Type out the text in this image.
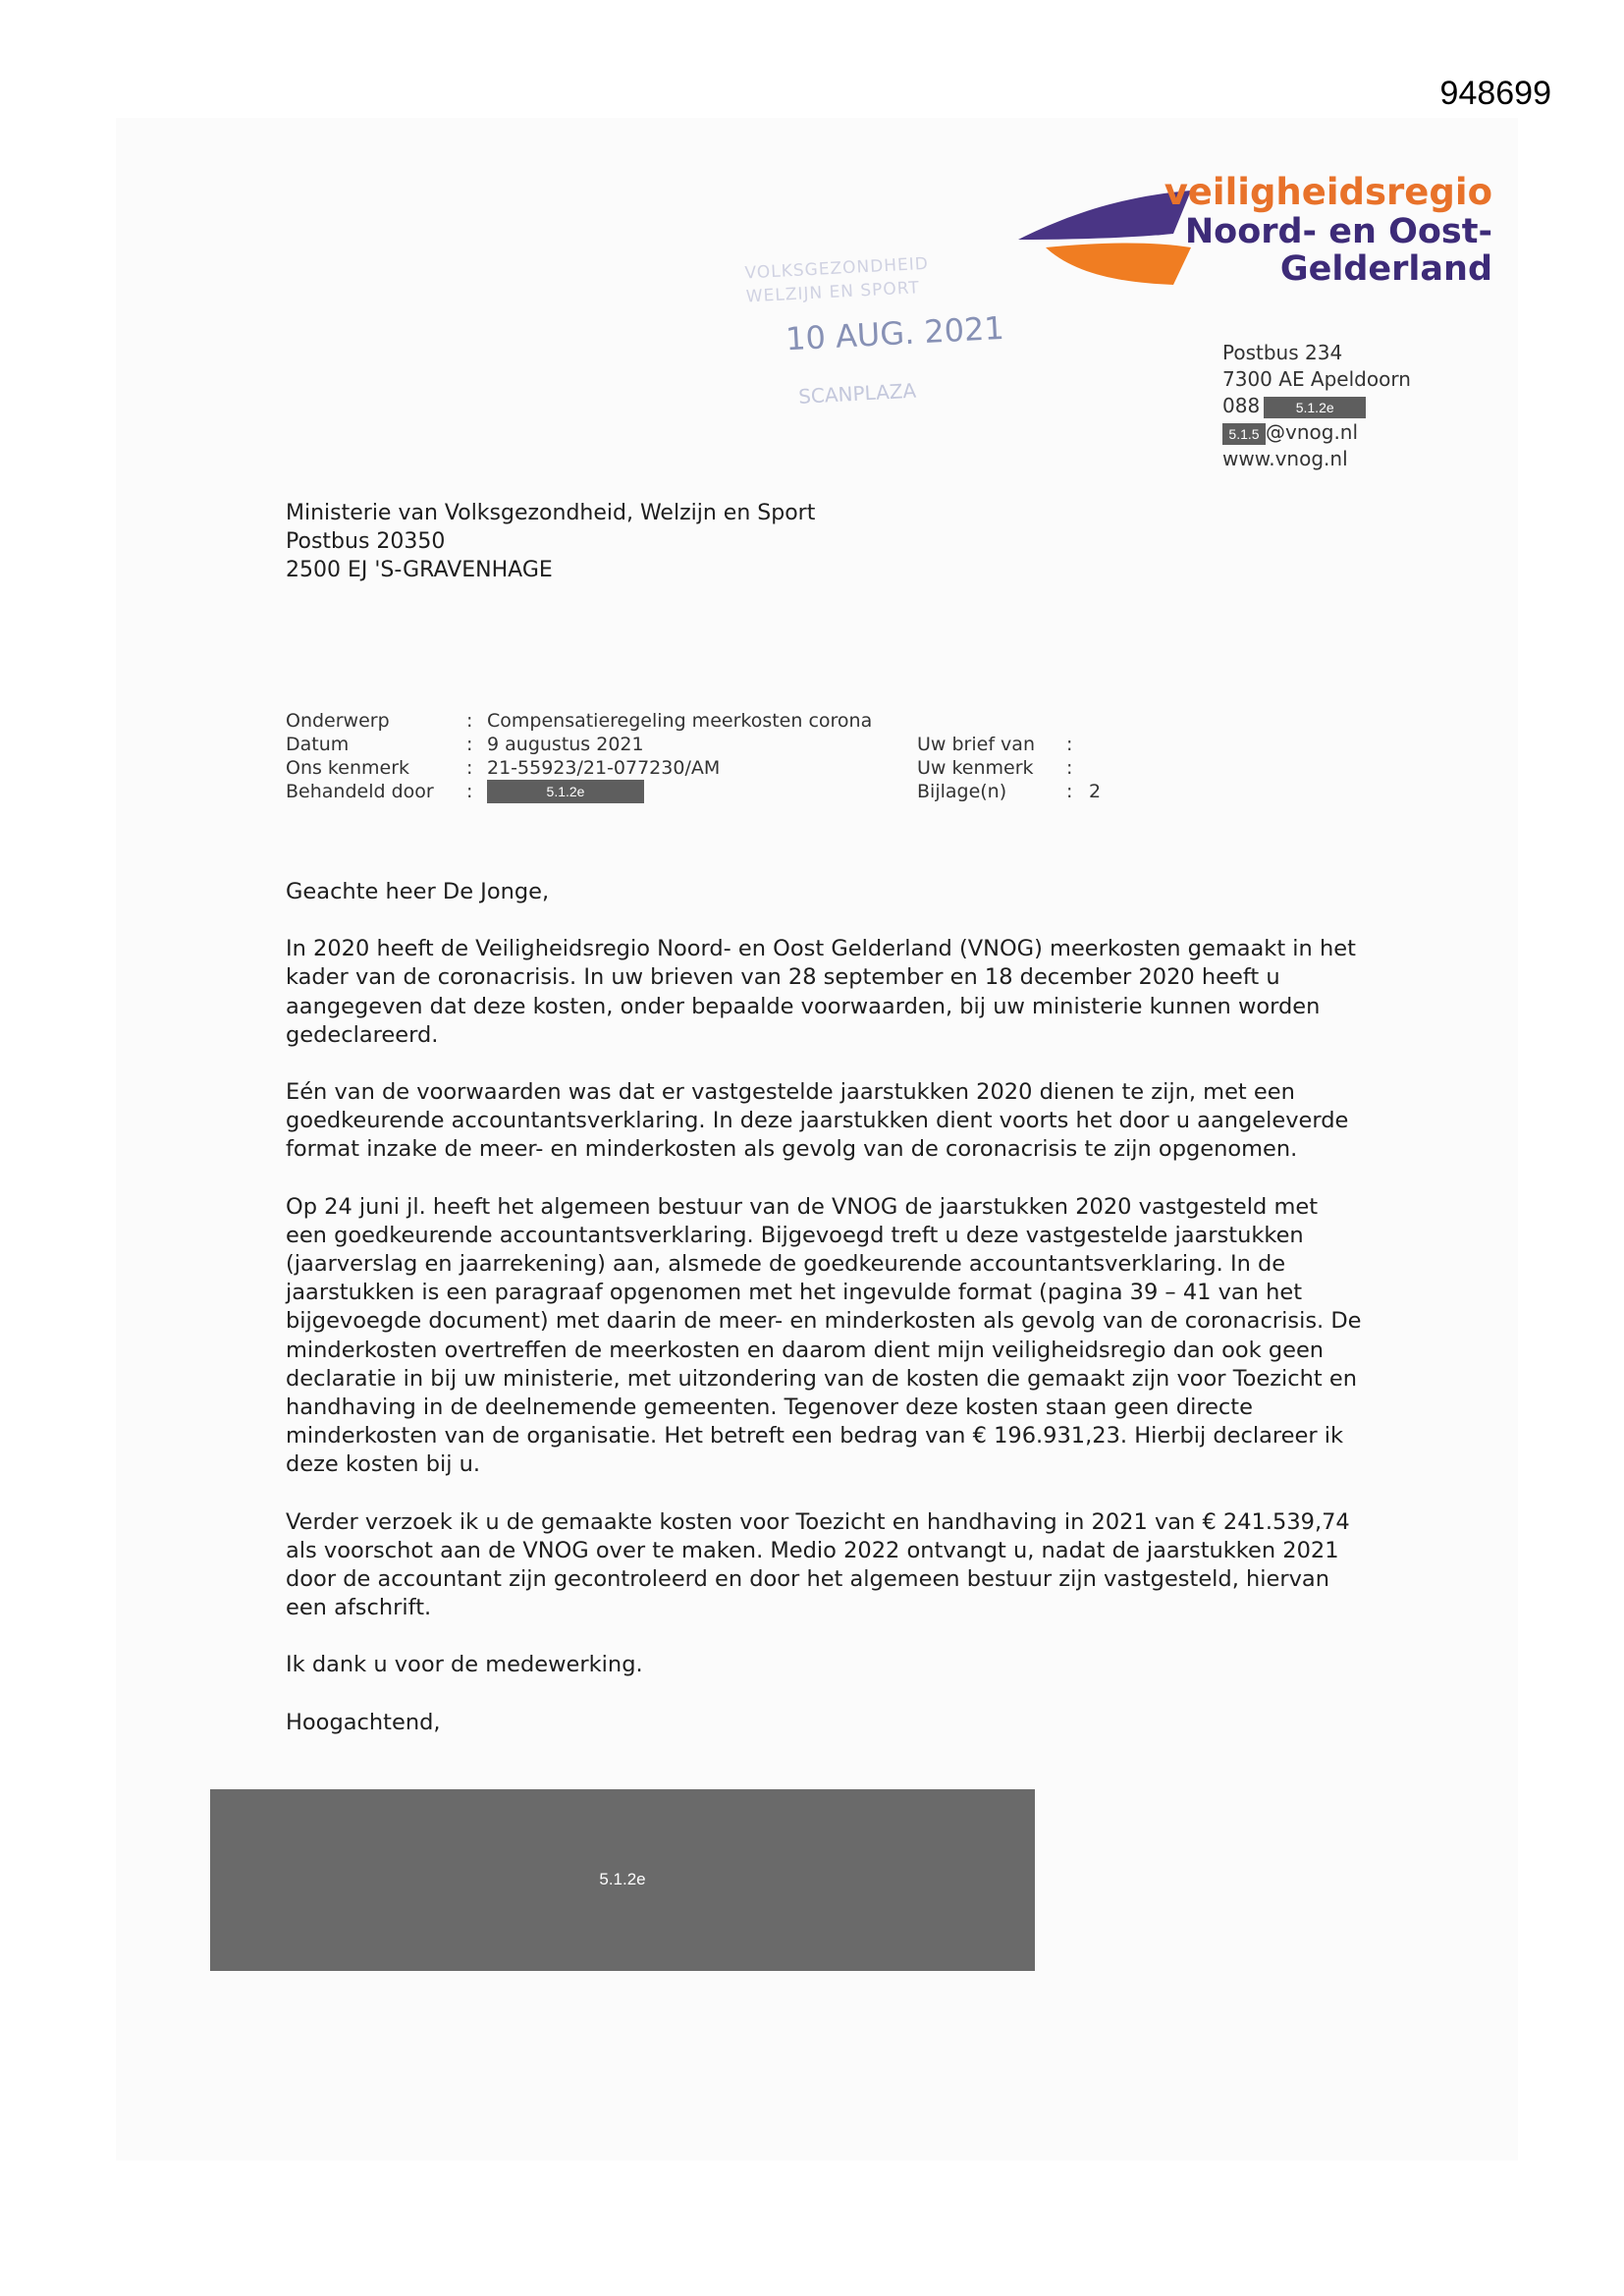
948699
veiligheidsregio
Noord- en Oost-
Gelderland
VOLKSGEZONDHEID
WELZIJN EN SPORT
10 AUG. 2021
SCANPLAZA
Postbus 234
7300 AE Apeldoorn
088	5.1.2e
5.1.5 @vnog.nl
www.vnog.nl
Ministerie van Volksgezondheid, Welzijn en Sport
Postbus 20350
2500 EJ 'S-GRAVENHAGE
Onderwerp	: Compensatieregeling meerkosten corona
Datum	: 9 augustus 2021
Ons kenmerk	: 21-55923/21-077230/AM
Behandeld door :	5.1.2e
Uw brief van :
Uw kenmerk :
Bijlage(n)	: 2

Geachte heer De Jonge,

In 2020 heeft de Veiligheidsregio Noord- en Oost Gelderland (VNOG) meerkosten gemaakt in het kader van de coronacrisis. In uw brieven van 28 september en 18 december 2020 heeft u aangegeven dat deze kosten, onder bepaalde voorwaarden, bij uw ministerie kunnen worden gedeclareerd.

Eén van de voorwaarden was dat er vastgestelde jaarstukken 2020 dienen te zijn, met een goedkeurende accountantsverklaring. In deze jaarstukken dient voorts het door u aangeleverde format inzake de meer- en minderkosten als gevolg van de coronacrisis te zijn opgenomen.

Op 24 juni jl. heeft het algemeen bestuur van de VNOG de jaarstukken 2020 vastgesteld met een goedkeurende accountantsverklaring. Bijgevoegd treft u deze vastgestelde jaarstukken (jaarverslag en jaarrekening) aan, alsmede de goedkeurende accountantsverklaring. In de jaarstukken is een paragraaf opgenomen met het ingevulde format (pagina 39 – 41 van het bijgevoegde document) met daarin de meer- en minderkosten als gevolg van de coronacrisis. De minderkosten overtreffen de meerkosten en daarom dient mijn veiligheidsregio dan ook geen declaratie in bij uw ministerie, met uitzondering van de kosten die gemaakt zijn voor Toezicht en handhaving in de deelnemende gemeenten. Tegenover deze kosten staan geen directe minderkosten van de organisatie. Het betreft een bedrag van € 196.931,23. Hierbij declareer ik deze kosten bij u.

Verder verzoek ik u de gemaakte kosten voor Toezicht en handhaving in 2021 van € 241.539,74 als voorschot aan de VNOG over te maken. Medio 2022 ontvangt u, nadat de jaarstukken 2021 door de accountant zijn gecontroleerd en door het algemeen bestuur zijn vastgesteld, hiervan een afschrift.

Ik dank u voor de medewerking.

Hoogachtend,
5.1.2e
